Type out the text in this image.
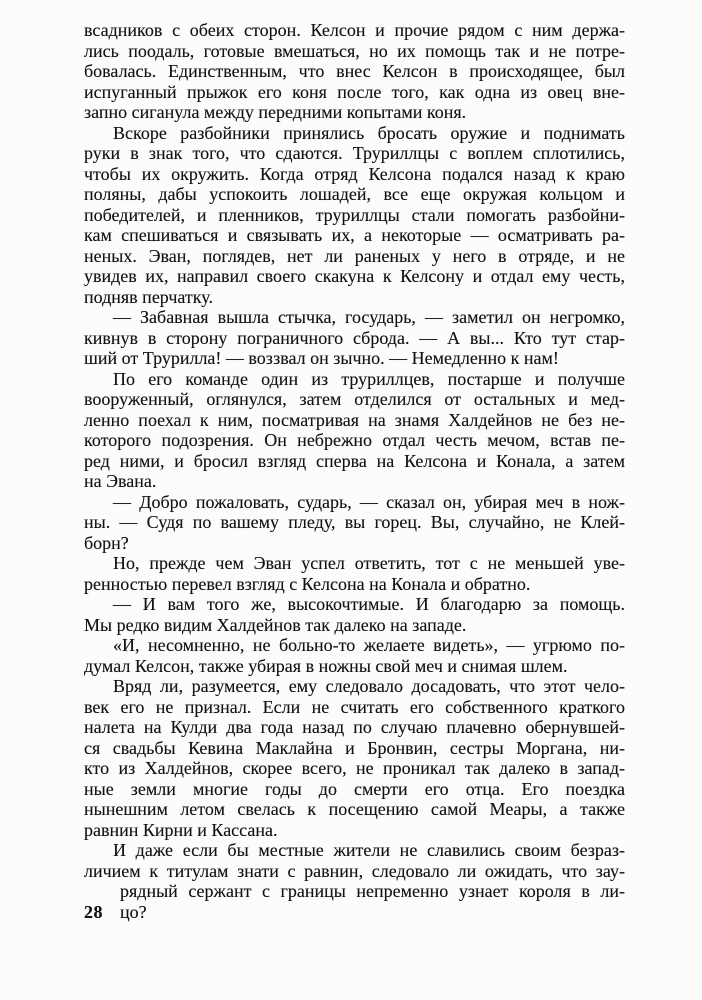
всадников с обеих сторон. Келсон и прочие рядом с ним держа-
лись поодаль, готовые вмешаться, но их помощь так и не потре-
бовалась. Единственным, что внес Келсон в происходящее, был
испуганный прыжок его коня после того, как одна из овец вне-
запно сиганула между передними копытами коня.
Вскоре разбойники принялись бросать оружие и поднимать
руки в знак того, что сдаются. Труриллцы с воплем сплотились,
чтобы их окружить. Когда отряд Келсона подался назад к краю
поляны, дабы успокоить лошадей, все еще окружая кольцом и
победителей, и пленников, труриллцы стали помогать разбойни-
кам спешиваться и связывать их, а некоторые — осматривать ра-
неных. Эван, поглядев, нет ли раненых у него в отряде, и не
увидев их, направил своего скакуна к Келсону и отдал ему честь,
подняв перчатку.
— Забавная вышла стычка, государь, — заметил он негромко,
кивнув в сторону пограничного сброда. — А вы... Кто тут стар-
ший от Трурилла! — воззвал он зычно. — Немедленно к нам!
По его команде один из труриллцев, постарше и получше
вооруженный, оглянулся, затем отделился от остальных и мед-
ленно поехал к ним, посматривая на знамя Халдейнов не без не-
которого подозрения. Он небрежно отдал честь мечом, встав пе-
ред ними, и бросил взгляд сперва на Келсона и Конала, а затем
на Эвана.
— Добро пожаловать, сударь, — сказал он, убирая меч в нож-
ны. — Судя по вашему пледу, вы горец. Вы, случайно, не Клей-
борн?
Но, прежде чем Эван успел ответить, тот с не меньшей уве-
ренностью перевел взгляд с Келсона на Конала и обратно.
— И вам того же, высокочтимые. И благодарю за помощь.
Мы редко видим Халдейнов так далеко на западе.
«И, несомненно, не больно-то желаете видеть», — угрюмо по-
думал Келсон, также убирая в ножны свой меч и снимая шлем.
Вряд ли, разумеется, ему следовало досадовать, что этот чело-
век его не признал. Если не считать его собственного краткого
налета на Кулди два года назад по случаю плачевно обернувшей-
ся свадьбы Кевина Маклайна и Бронвин, сестры Моргана, ни-
кто из Халдейнов, скорее всего, не проникал так далеко в запад-
ные земли многие годы до смерти его отца. Его поездка
нынешним летом свелась к посещению самой Меары, а также
равнин Кирни и Кассана.
И даже если бы местные жители не славились своим безраз-
личием к титулам знати с равнин, следовало ли ожидать, что зау-
рядный сержант с границы непременно узнает короля в ли-
28 цо?
